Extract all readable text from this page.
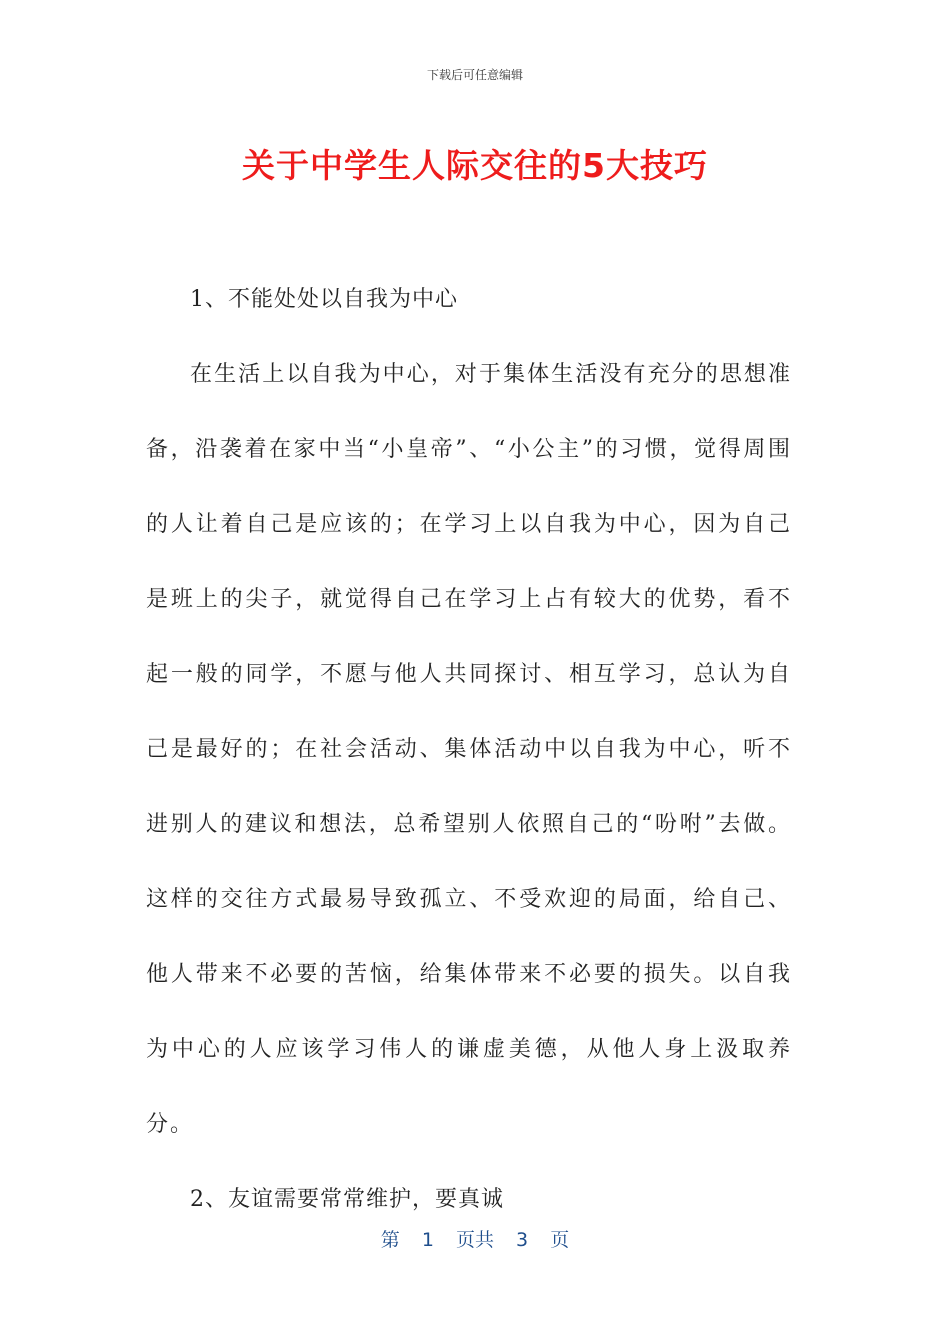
下载后可任意编辑
关于中学生人际交往的5大技巧

1、不能处处以自我为中心

在生活上以自我为中心，对于集体生活没有充分的思想准备，沿袭着在家中当“小皇帝”、“小公主”的习惯，觉得周围的人让着自己是应该的；在学习上以自我为中心，因为自己是班上的尖子，就觉得自己在学习上占有较大的优势，看不起一般的同学，不愿与他人共同探讨、相互学习，总认为自己是最好的；在社会活动、集体活动中以自我为中心，听不进别人的建议和想法，总希望别人依照自己的“吩咐”去做。这样的交往方式最易导致孤立、不受欢迎的局面，给自己、他人带来不必要的苦恼，给集体带来不必要的损失。以自我为中心的人应该学习伟人的谦虚美德，从他人身上汲取养分。

2、友谊需要常常维护，要真诚

第 1 页共 3 页
